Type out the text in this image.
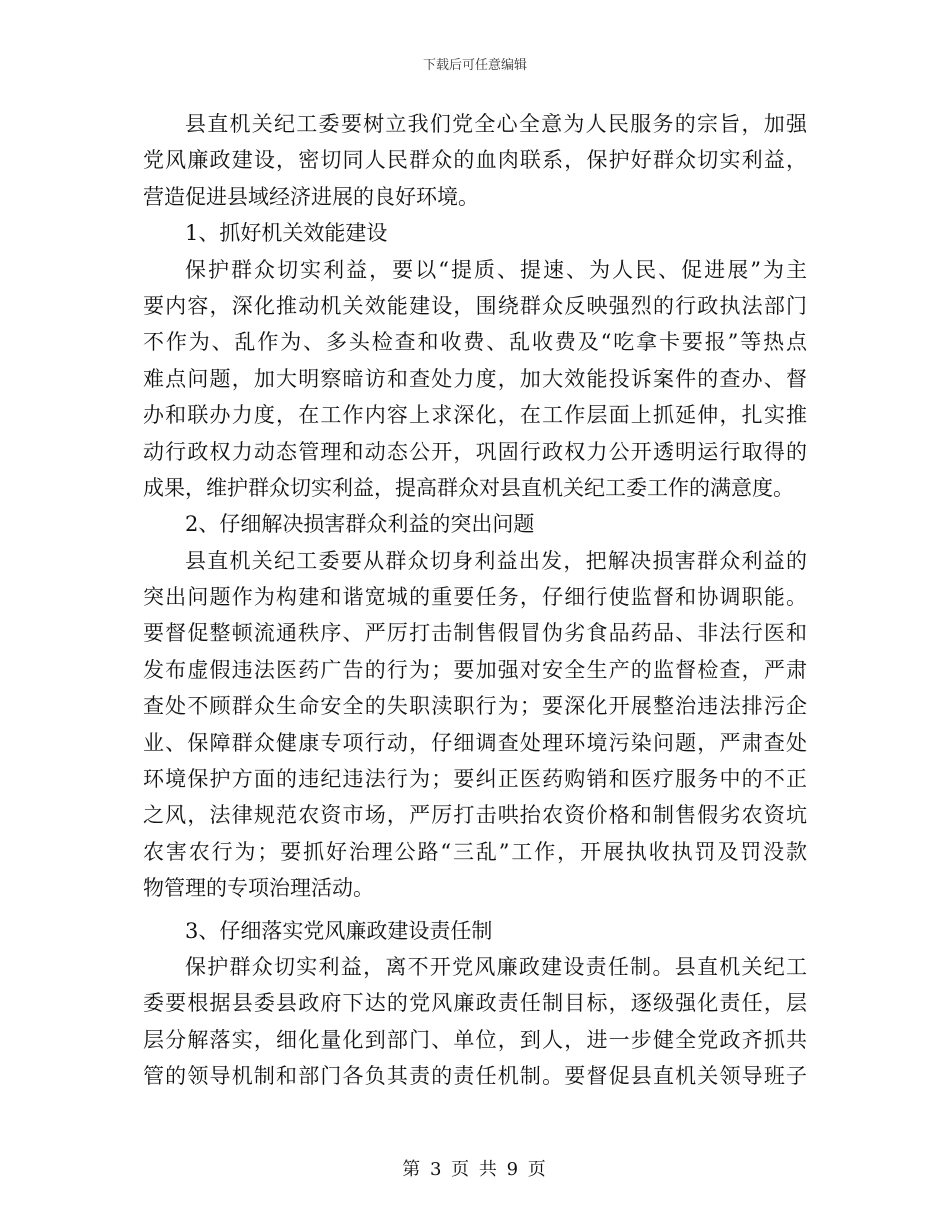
下载后可任意编辑
县直机关纪工委要树立我们党全心全意为人民服务的宗旨，加强
党风廉政建设，密切同人民群众的血肉联系，保护好群众切实利益，
营造促进县域经济进展的良好环境。
1、抓好机关效能建设
保护群众切实利益，要以“提质、提速、为人民、促进展”为主
要内容，深化推动机关效能建设，围绕群众反映强烈的行政执法部门
不作为、乱作为、多头检查和收费、乱收费及“吃拿卡要报”等热点
难点问题，加大明察暗访和查处力度，加大效能投诉案件的查办、督
办和联办力度，在工作内容上求深化，在工作层面上抓延伸，扎实推
动行政权力动态管理和动态公开，巩固行政权力公开透明运行取得的
成果，维护群众切实利益，提高群众对县直机关纪工委工作的满意度。
2、仔细解决损害群众利益的突出问题
县直机关纪工委要从群众切身利益出发，把解决损害群众利益的
突出问题作为构建和谐宽城的重要任务，仔细行使监督和协调职能。
要督促整顿流通秩序、严厉打击制售假冒伪劣食品药品、非法行医和
发布虚假违法医药广告的行为；要加强对安全生产的监督检查，严肃
查处不顾群众生命安全的失职渎职行为；要深化开展整治违法排污企
业、保障群众健康专项行动，仔细调查处理环境污染问题，严肃查处
环境保护方面的违纪违法行为；要纠正医药购销和医疗服务中的不正
之风，法律规范农资市场，严厉打击哄抬农资价格和制售假劣农资坑
农害农行为；要抓好治理公路“三乱”工作，开展执收执罚及罚没款
物管理的专项治理活动。
3、仔细落实党风廉政建设责任制
保护群众切实利益，离不开党风廉政建设责任制。县直机关纪工
委要根据县委县政府下达的党风廉政责任制目标，逐级强化责任，层
层分解落实，细化量化到部门、单位，到人，进一步健全党政齐抓共
管的领导机制和部门各负其责的责任机制。要督促县直机关领导班子
第 3 页 共 9 页
